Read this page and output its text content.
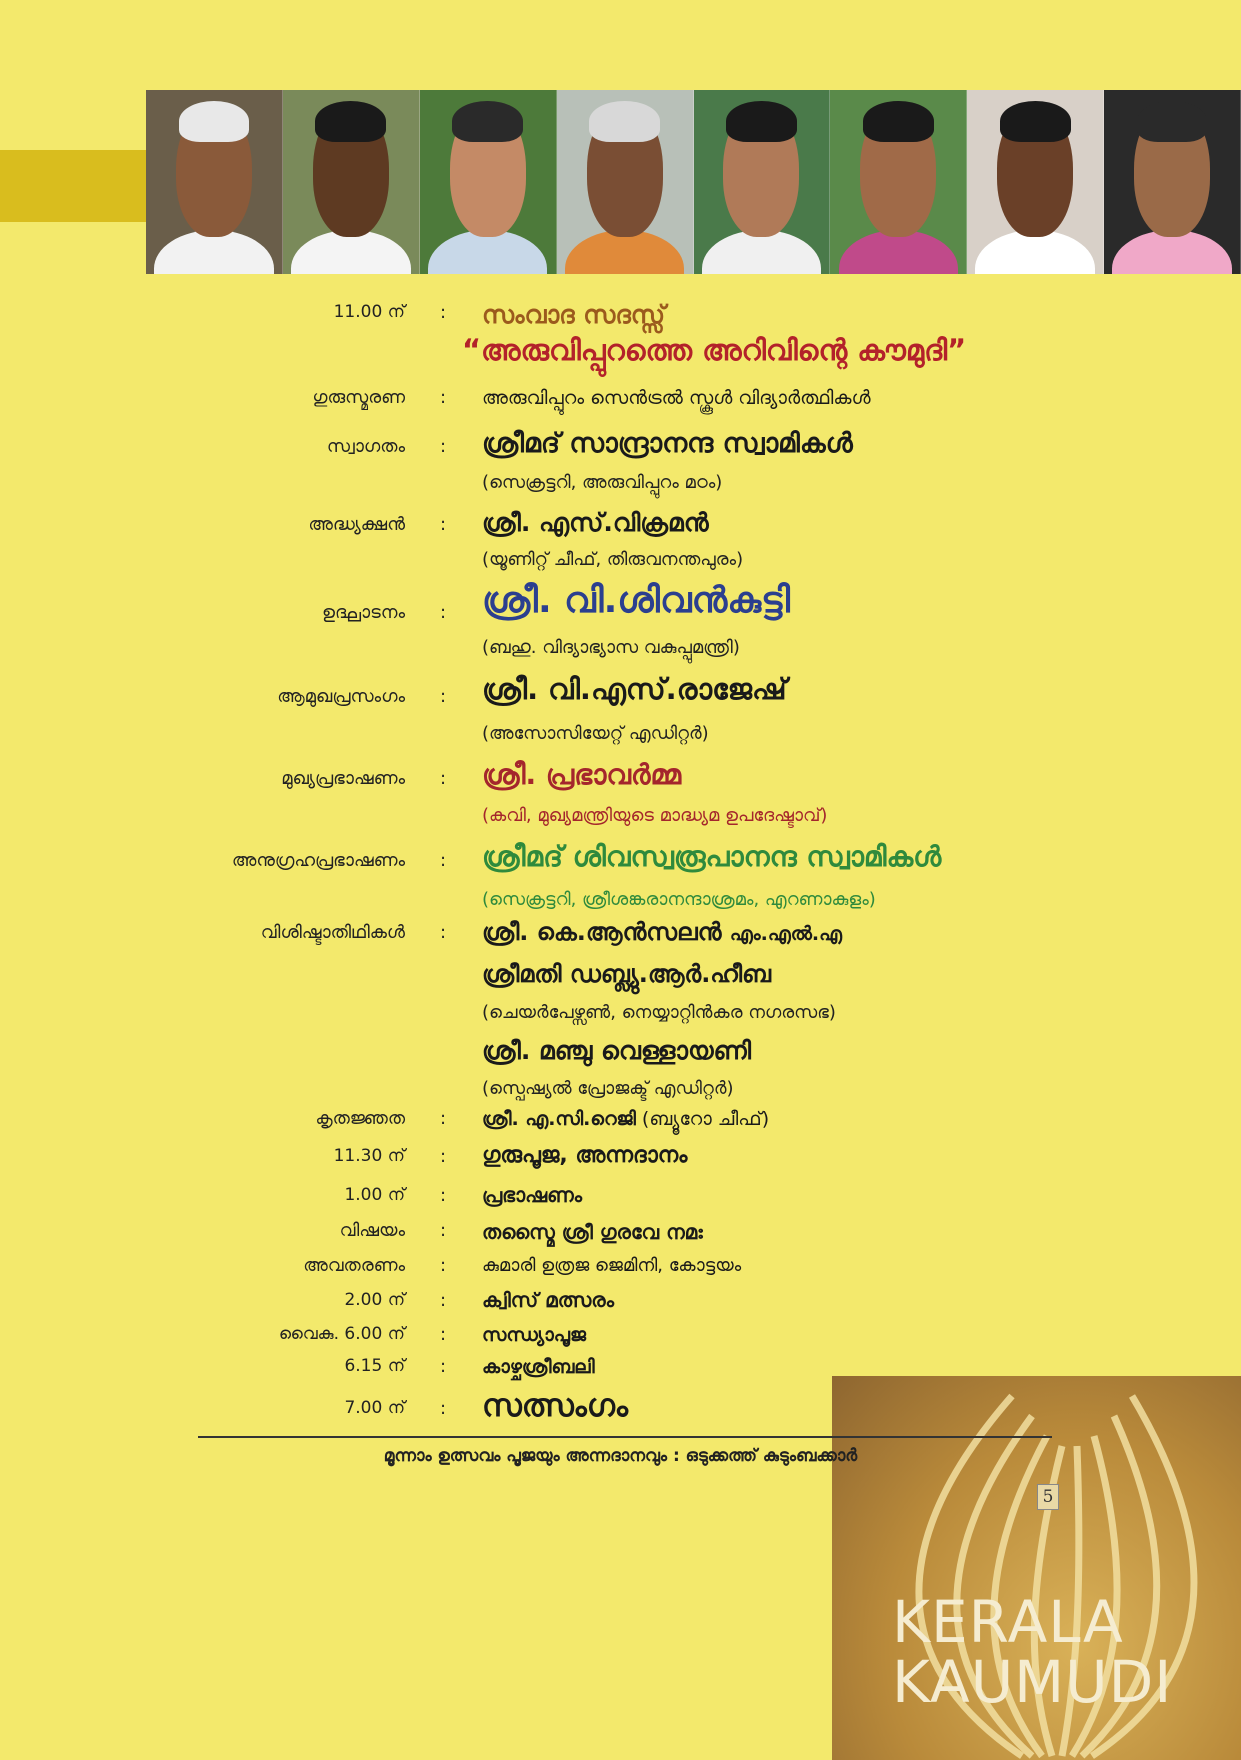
11.00 ന് : സംവാദ സദസ്സ്
“അരുവിപ്പുറത്തെ അറിവിന്റെ കൗമുദി”
ഗുരുസ്മരണ : അരുവിപ്പുറം സെൻട്രൽ സ്കൂൾ വിദ്യാർത്ഥികൾ
സ്വാഗതം : ശ്രീമദ് സാന്ദ്രാനന്ദ സ്വാമികൾ
(സെക്രട്ടറി, അരുവിപ്പുറം മഠം)
അദ്ധ്യക്ഷൻ : ശ്രീ. എസ്.വിക്രമൻ
(യൂണിറ്റ് ചീഫ്, തിരുവനന്തപുരം)
ഉദ്ഘാടനം : ശ്രീ. വി.ശിവൻകുട്ടി
(ബഹു. വിദ്യാഭ്യാസ വകുപ്പുമന്ത്രി)
ആമുഖപ്രസംഗം : ശ്രീ. വി.എസ്.രാജേഷ്
(അസോസിയേറ്റ് എഡിറ്റർ)
മുഖ്യപ്രഭാഷണം : ശ്രീ. പ്രഭാവർമ്മ
(കവി, മുഖ്യമന്ത്രിയുടെ മാദ്ധ്യമ ഉപദേഷ്ടാവ്)
അനുഗ്രഹപ്രഭാഷണം : ശ്രീമദ് ശിവസ്വരൂപാനന്ദ സ്വാമികൾ
(സെക്രട്ടറി, ശ്രീശങ്കരാനന്ദാശ്രമം, എറണാകുളം)
വിശിഷ്ടാതിഥികൾ : ശ്രീ. കെ.ആൻസലൻ എം.എൽ.എ
ശ്രീമതി ഡബ്ല്യു.ആർ.ഹീബ
(ചെയർപേഴ്സൺ, നെയ്യാറ്റിൻകര നഗരസഭ)
ശ്രീ. മഞ്ചു വെള്ളായണി
(സ്പെഷ്യൽ പ്രോജക്ട് എഡിറ്റർ)
കൃതജ്ഞത : ശ്രീ. എ.സി.റെജി (ബ്യൂറോ ചീഫ്)
11.30 ന് : ഗുരുപൂജ, അന്നദാനം
1.00 ന് : പ്രഭാഷണം
വിഷയം : തസ്മൈ ശ്രീ ഗുരവേ നമഃ
അവതരണം : കുമാരി ഉത്രജ ജെമിനി, കോട്ടയം
2.00 ന് : ക്വിസ് മത്സരം
വൈകു. 6.00 ന് : സന്ധ്യാപൂജ
6.15 ന് : കാഴ്ചശ്രീബലി
7.00 ന് : സത്സംഗം
മൂന്നാം ഉത്സവം പൂജയും അന്നദാനവും : ഒടുക്കത്ത് കുടുംബക്കാർ
5
KERALA
KAUMUDI
